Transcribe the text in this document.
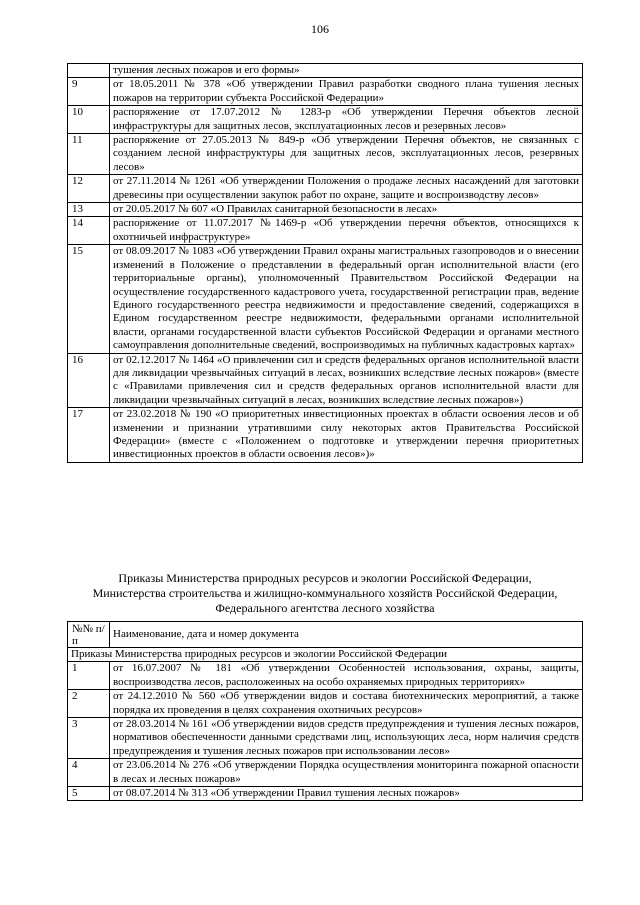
106
	тушения лесных пожаров и его формы»
9	от 18.05.2011 № 378 «Об утверждении Правил разработки сводного плана тушения лесных пожаров на территории субъекта Российской Федерации»
10	распоряжение от 17.07.2012 № 1283-р «Об утверждении Перечня объектов лесной инфраструктуры для защитных лесов, эксплуатационных лесов и резервных лесов»
11	распоряжение от 27.05.2013 № 849-р «Об утверждении Перечня объектов, не связанных с созданием лесной инфраструктуры для защитных лесов, эксплуатационных лесов, резервных лесов»
12	от 27.11.2014 № 1261 «Об утверждении Положения о продаже лесных насаждений для заготовки древесины при осуществлении закупок работ по охране, защите и воспроизводству лесов»
13	от 20.05.2017 № 607 «О Правилах санитарной безопасности в лесах»
14	распоряжение от 11.07.2017 №1469-р «Об утверждении перечня объектов, относящихся к охотничьей инфраструктуре»
15	от 08.09.2017 № 1083 «Об утверждении Правил охраны магистральных газопроводов и о внесении изменений в Положение о представлении в федеральный орган исполнительной власти (его территориальные органы), уполномоченный Правительством Российской Федерации на осуществление государственного кадастрового учета, государственной регистрации прав, ведение Единого государственного реестра недвижимости и предоставление сведений, содержащихся в Едином государственном реестре недвижимости, федеральными органами исполнительной власти, органами государственной власти субъектов Российской Федерации и органами местного самоуправления дополнительные сведений, воспроизводимых на публичных кадастровых картах»
16	от 02.12.2017 № 1464 «О привлечении сил и средств федеральных органов исполнительной власти для ликвидации чрезвычайных ситуаций в лесах, возникших вследствие лесных пожаров» (вместе с «Правилами привлечения сил и средств федеральных органов исполнительной власти для ликвидации чрезвычайных ситуаций в лесах, возникших вследствие лесных пожаров»)
17	от 23.02.2018 № 190 «О приоритетных инвестиционных проектах в области освоения лесов и об изменении и признании утратившими силу некоторых актов Правительства Российской Федерации» (вместе с «Положением о подготовке и утверждении перечня приоритетных инвестиционных проектов в области освоения лесов»)»
Приказы Министерства природных ресурсов и экологии Российской Федерации,
Министерства строительства и жилищно-коммунального хозяйств Российской Федерации,
Федерального агентства лесного хозяйства
№№ п/п	Наименование, дата и номер документа
Приказы Министерства природных ресурсов и экологии Российской Федерации	
1	от 16.07.2007 № 181 «Об утверждении Особенностей использования, охраны, защиты, воспроизводства лесов, расположенных на особо охраняемых природных территориях»
2	от 24.12.2010 № 560 «Об утверждении видов и состава биотехнических мероприятий, а также порядка их проведения в целях сохранения охотничьих ресурсов»
3	от 28.03.2014 № 161 «Об утверждении видов средств предупреждения и тушения лесных пожаров, нормативов обеспеченности данными средствами лиц, использующих леса, норм наличия средств предупреждения и тушения лесных пожаров при использовании лесов»
4	от 23.06.2014 № 276 «Об утверждении Порядка осуществления мониторинга пожарной опасности в лесах и лесных пожаров»
5	от 08.07.2014 № 313 «Об утверждении Правил тушения лесных пожаров»
